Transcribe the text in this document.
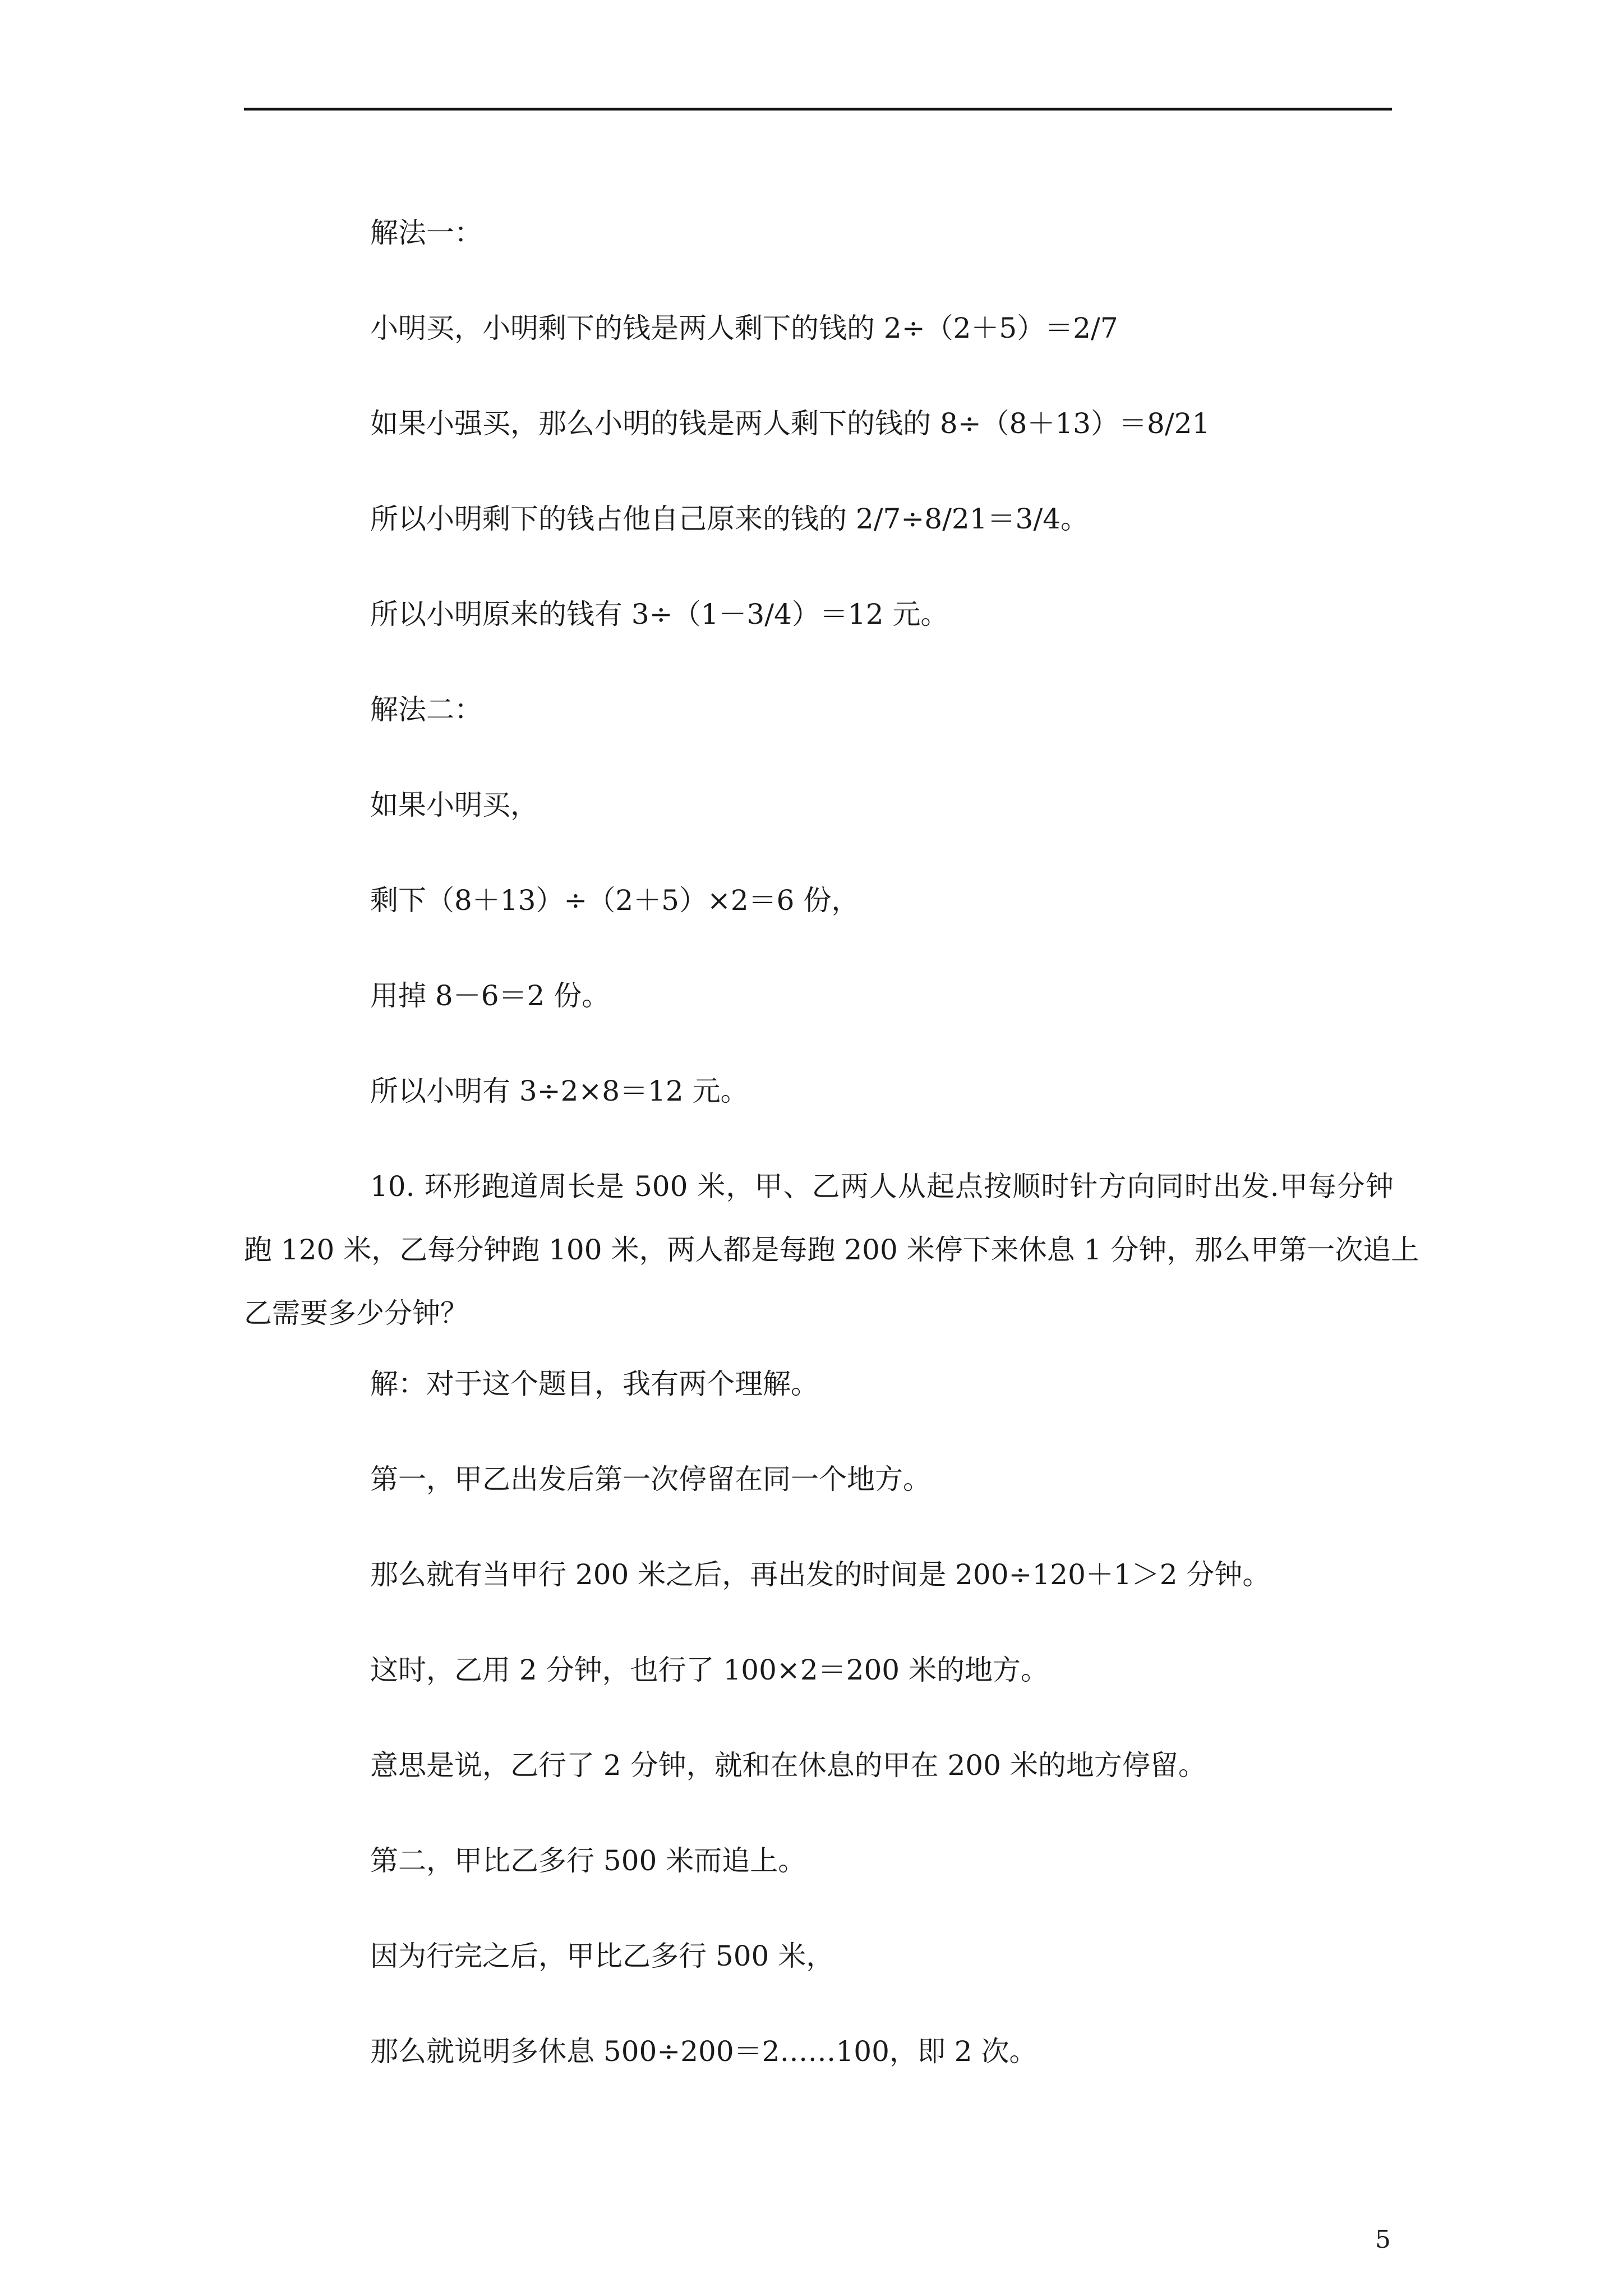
解法一：
小明买，小明剩下的钱是两人剩下的钱的 2÷（2＋5）＝2/7
如果小强买，那么小明的钱是两人剩下的钱的 8÷（8＋13）＝8/21
所以小明剩下的钱占他自己原来的钱的 2/7÷8/21＝3/4。
所以小明原来的钱有 3÷（1－3/4）＝12 元。
解法二：
如果小明买，
剩下（8＋13）÷（2＋5）×2＝6 份，
用掉 8－6＝2 份。
所以小明有 3÷2×8＝12 元。
10. 环形跑道周长是 500 米，甲、乙两人从起点按顺时针方向同时出发.甲每分钟
跑 120 米，乙每分钟跑 100 米，两人都是每跑 200 米停下来休息 1 分钟，那么甲第一次追上
乙需要多少分钟？
解：对于这个题目，我有两个理解。
第一，甲乙出发后第一次停留在同一个地方。
那么就有当甲行 200 米之后，再出发的时间是 200÷120＋1＞2 分钟。
这时，乙用 2 分钟，也行了 100×2＝200 米的地方。
意思是说，乙行了 2 分钟，就和在休息的甲在 200 米的地方停留。
第二，甲比乙多行 500 米而追上。
因为行完之后，甲比乙多行 500 米，
那么就说明多休息 500÷200＝2……100，即 2 次。
5
